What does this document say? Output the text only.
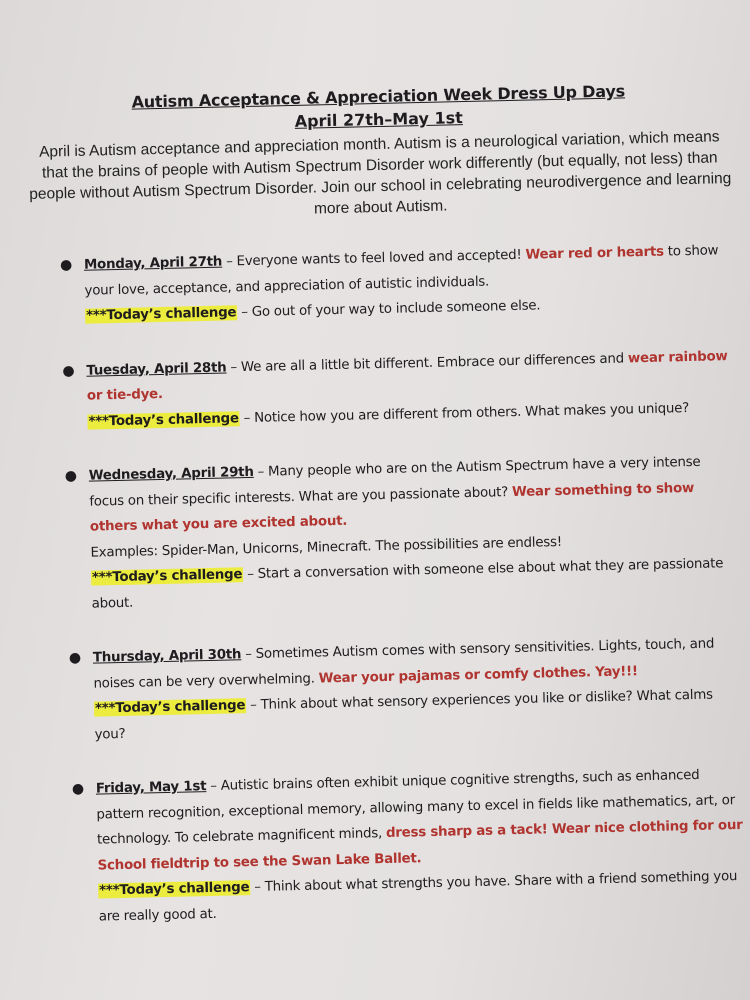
Autism Acceptance & Appreciation Week Dress Up Days
April 27th–May 1st
April is Autism acceptance and appreciation month. Autism is a neurological variation, which means that the brains of people with Autism Spectrum Disorder work differently (but equally, not less) than people without Autism Spectrum Disorder. Join our school in celebrating neurodivergence and learning more about Autism.
● Monday, April 27th – Everyone wants to feel loved and accepted! Wear red or hearts to show your love, acceptance, and appreciation of autistic individuals.
***Today’s challenge – Go out of your way to include someone else.
● Tuesday, April 28th – We are all a little bit different. Embrace our differences and wear rainbow or tie-dye.
***Today’s challenge – Notice how you are different from others. What makes you unique?
● Wednesday, April 29th – Many people who are on the Autism Spectrum have a very intense focus on their specific interests. What are you passionate about? Wear something to show others what you are excited about.
Examples: Spider-Man, Unicorns, Minecraft. The possibilities are endless!
***Today’s challenge – Start a conversation with someone else about what they are passionate about.
● Thursday, April 30th – Sometimes Autism comes with sensory sensitivities. Lights, touch, and noises can be very overwhelming. Wear your pajamas or comfy clothes. Yay!!!
***Today’s challenge – Think about what sensory experiences you like or dislike? What calms you?
● Friday, May 1st – Autistic brains often exhibit unique cognitive strengths, such as enhanced pattern recognition, exceptional memory, allowing many to excel in fields like mathematics, art, or technology. To celebrate magnificent minds, dress sharp as a tack! Wear nice clothing for our School fieldtrip to see the Swan Lake Ballet.
***Today’s challenge – Think about what strengths you have. Share with a friend something you are really good at.
